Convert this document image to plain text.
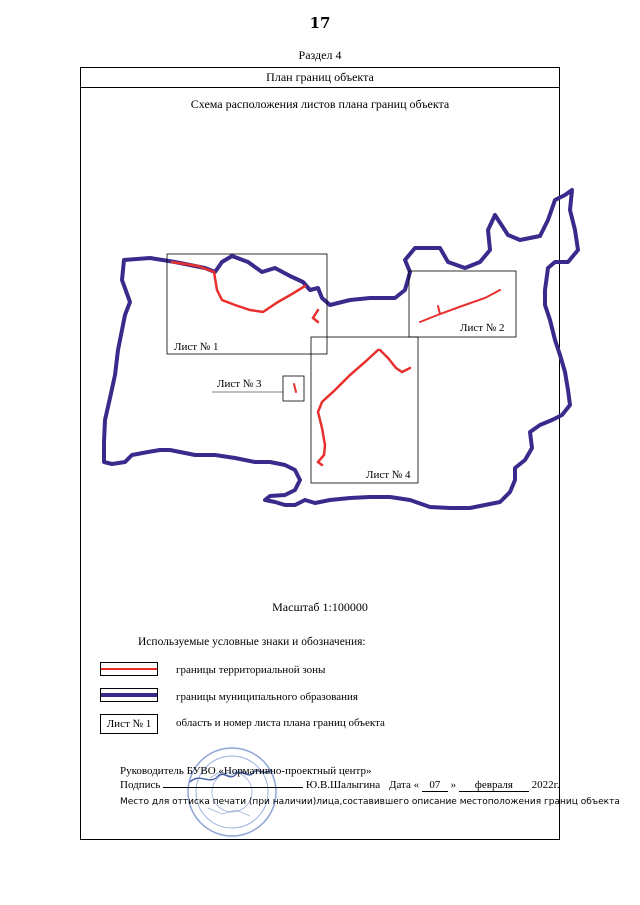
17
Раздел 4
План границ объекта
Схема расположения листов плана границ объекта
Лист № 1
Лист № 2
Лист № 3
Лист № 4
Масштаб 1:100000
Используемые условные знаки и обозначения:
границы территориальной зоны
границы муниципального образования
Лист № 1	область и номер листа плана границ объекта
Руководитель БУВО «Нормативно-проектный центр»
Подпись	Ю.В.Шалыгина Дата « 07 » февраля 2022г.
Место для оттиска печати (при наличии)лица,составившего описание местоположения границ объекта
